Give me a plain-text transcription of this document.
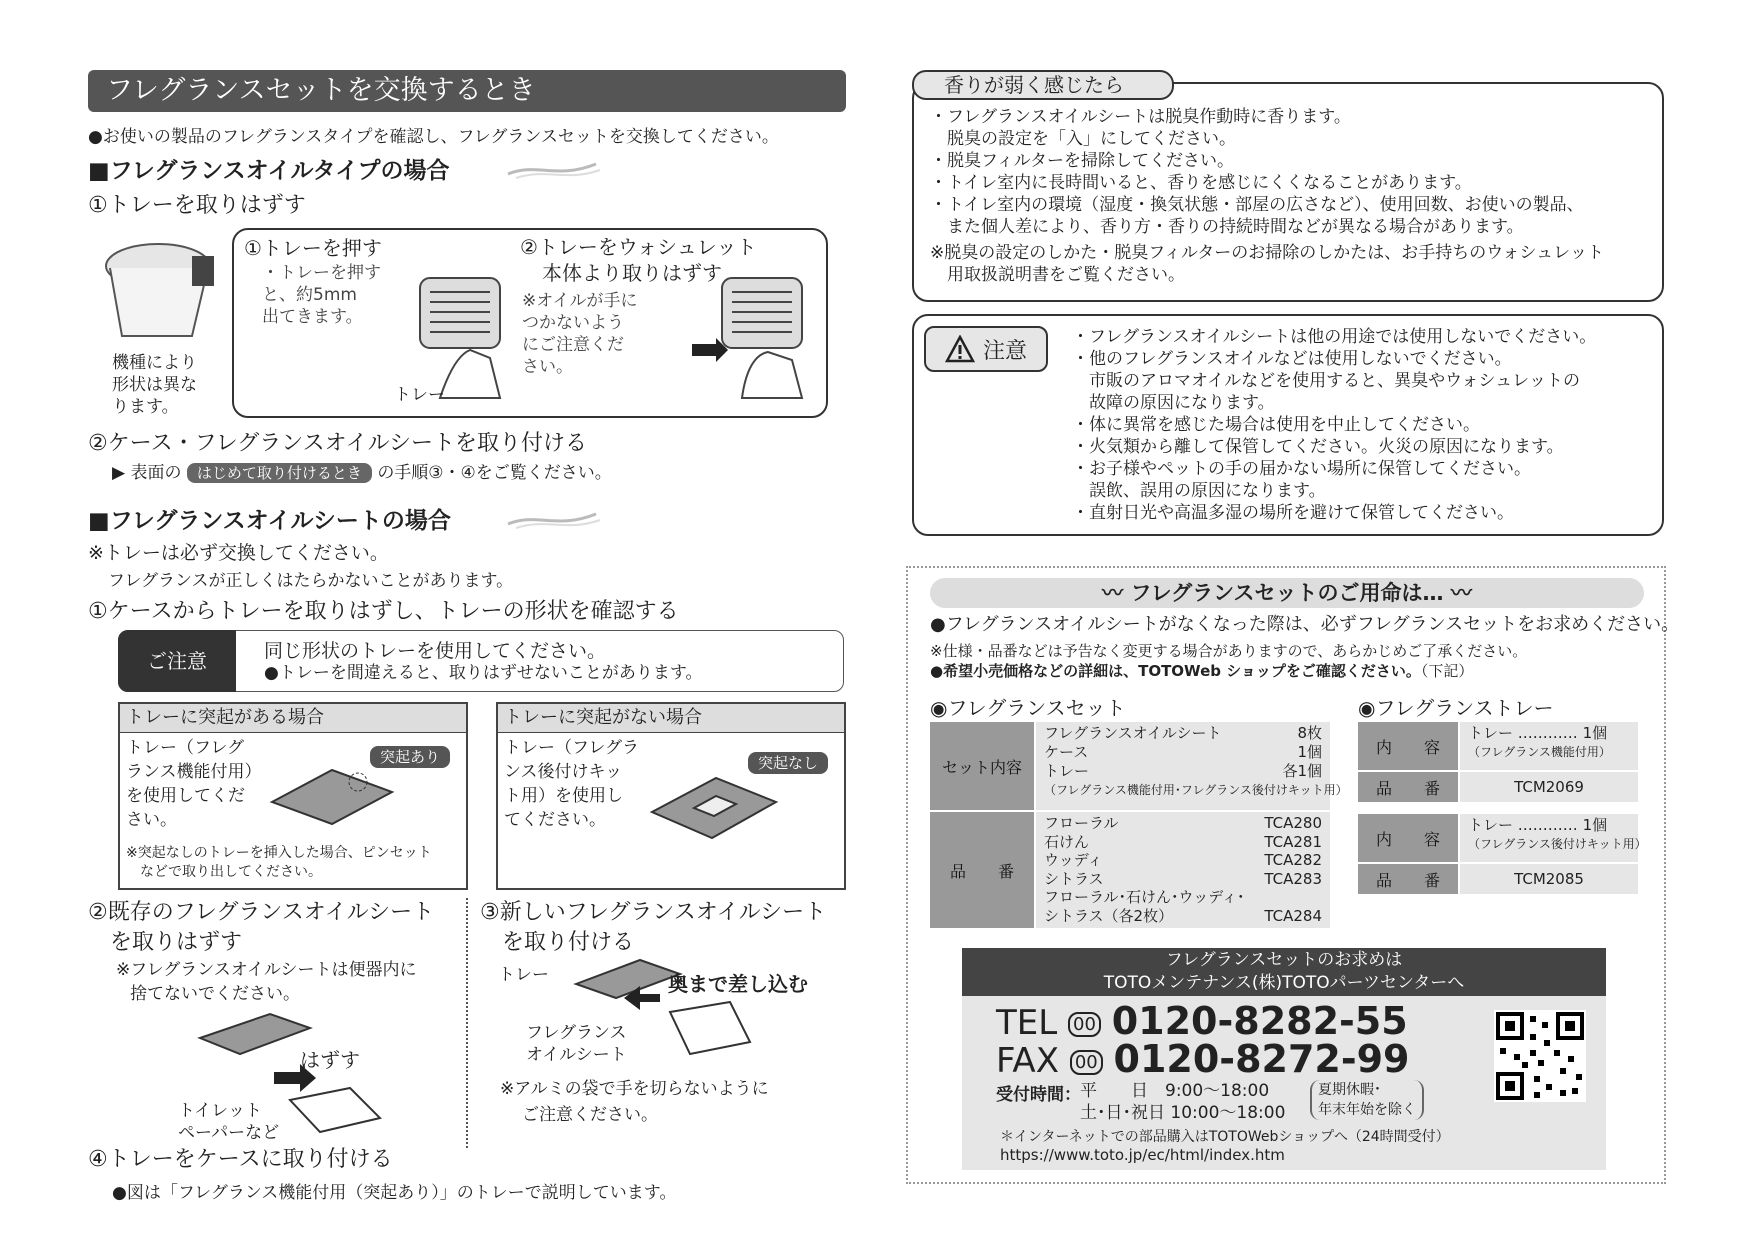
フレグランスセットを交換するとき
●お使いの製品のフレグランスタイプを確認し、フレグランスセットを交換してください。
■フレグランスオイルタイプの場合
①トレーを取りはずす
機種により
形状は異な
ります。
①トレーを押す
・トレーを押す
と、約5mm
出てきます。
トレー
②トレーをウォシュレット
本体より取りはずす
※オイルが手に
つかないよう
にご注意くだ
さい。
②ケース・フレグランスオイルシートを取り付ける
▶ 表面の はじめて取り付けるとき の手順③・④をご覧ください。
■フレグランスオイルシートの場合
※トレーは必ず交換してください。
フレグランスが正しくはたらかないことがあります。
①ケースからトレーを取りはずし、トレーの形状を確認する
ご注意	同じ形状のトレーを使用してください。
●トレーを間違えると、取りはずせないことがあります。
トレーに突起がある場合
トレー（フレグ
ランス機能付用）
を使用してくだ
さい。
突起あり
※突起なしのトレーを挿入した場合、ピンセット
などで取り出してください。
トレーに突起がない場合
トレー（フレグラ
ンス後付けキッ
ト用）を使用し
てください。
突起なし
②既存のフレグランスオイルシート
を取りはずす
※フレグランスオイルシートは便器内に
捨てないでください。
はずす
トイレット
ペーパーなど
③新しいフレグランスオイルシート
を取り付ける
トレー	奥まで差し込む
フレグランス
オイルシート
※アルミの袋で手を切らないように
ご注意ください。
④トレーをケースに取り付ける
●図は「フレグランス機能付用（突起あり）」のトレーで説明しています。
香りが弱く感じたら
・フレグランスオイルシートは脱臭作動時に香ります。
　脱臭の設定を「入」にしてください。
・脱臭フィルターを掃除してください。
・トイレ室内に長時間いると、香りを感じにくくなることがあります。
・トイレ室内の環境（湿度・換気状態・部屋の広さなど）、使用回数、お使いの製品、
　また個人差により、香り方・香りの持続時間などが異なる場合があります。
※脱臭の設定のしかた・脱臭フィルターのお掃除のしかたは、お手持ちのウォシュレット
　用取扱説明書をご覧ください。
注意
・フレグランスオイルシートは他の用途では使用しないでください。
・他のフレグランスオイルなどは使用しないでください。
　市販のアロマオイルなどを使用すると、異臭やウォシュレットの
　故障の原因になります。
・体に異常を感じた場合は使用を中止してください。
・火気類から離して保管してください。火災の原因になります。
・お子様やペットの手の届かない場所に保管してください。
　誤飲、誤用の原因になります。
・直射日光や高温多湿の場所を避けて保管してください。
〰 フレグランスセットのご用命は… 〰
●フレグランスオイルシートがなくなった際は、必ずフレグランスセットをお求めください。
※仕様・品番などは予告なく変更する場合がありますので、あらかじめご了承ください。
●希望小売価格などの詳細は、TOTOWeb ショップをご確認ください。（下記）
◉フレグランスセット
セット内容
フレグランスオイルシート	8枚
ケース	1個
トレー	各1個
（フレグランス機能付用･フレグランス後付けキット用）
品　　番
フローラル	TCA280
石けん	TCA281
ウッディ	TCA282
シトラス	TCA283
フローラル･石けん･ウッディ･
シトラス（各2枚）	TCA284
◉フレグランストレー
内　　容
トレー ………… 1個
（フレグランス機能付用）
品　　番	TCM2069
内　　容
トレー ………… 1個
（フレグランス後付けキット用）
品　　番	TCM2085
フレグランスセットのお求めは
TOTOメンテナンス(株)TOTOパーツセンターへ
TEL 00 0120-8282-55
FAX 00 0120-8272-99
受付時間： 平　　日　9:00～18:00
土･日･祝日 10:00～18:00
夏期休暇･
年末年始を除く
＊インターネットでの部品購入はTOTOWebショップへ（24時間受付）
https://www.toto.jp/ec/html/index.htm
